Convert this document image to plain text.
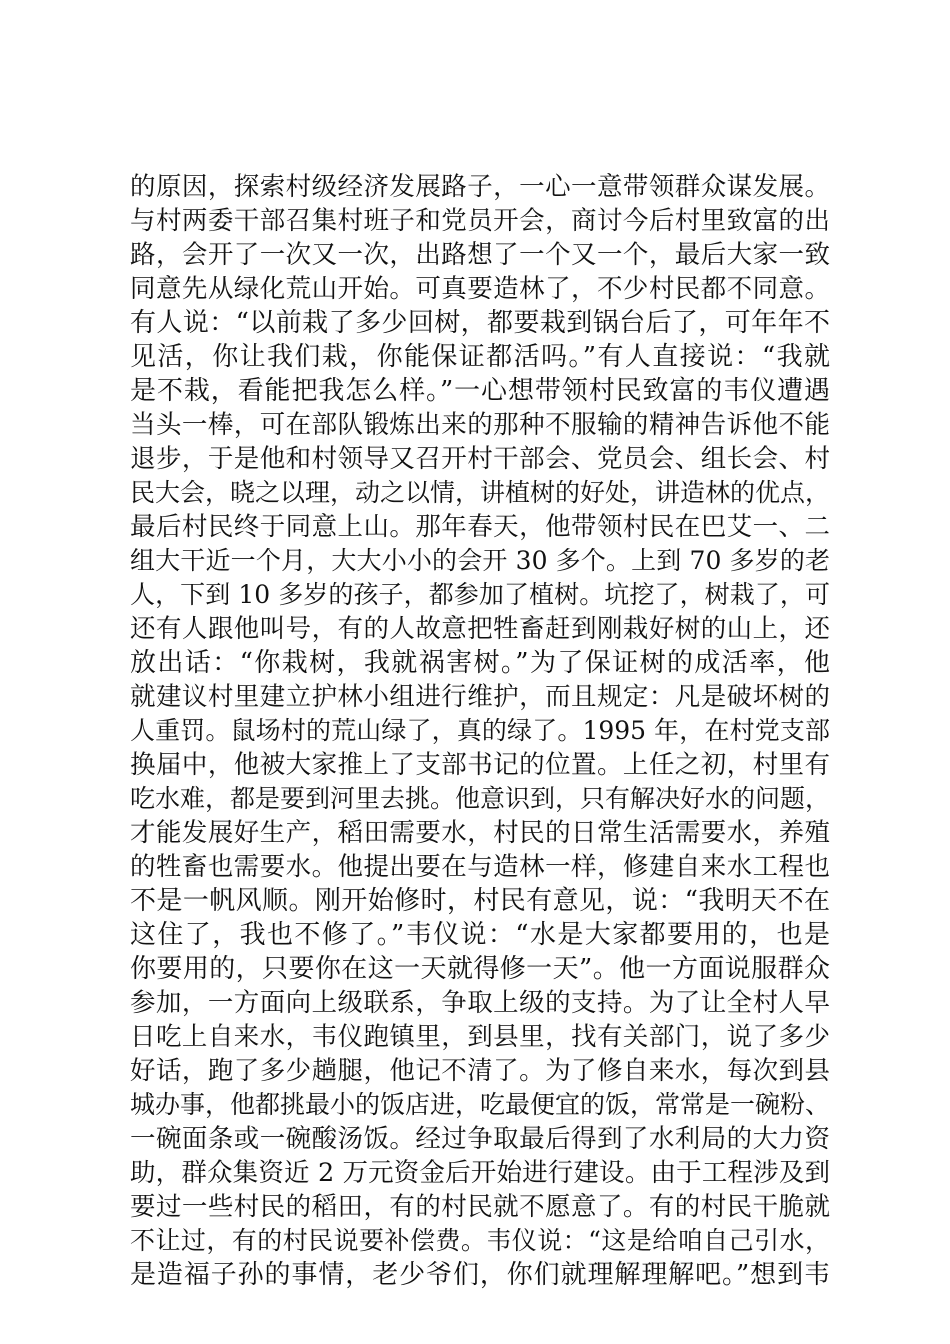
的原因，探索村级经济发展路子，一心一意带领群众谋发展。
与村两委干部召集村班子和党员开会，商讨今后村里致富的出
路，会开了一次又一次，出路想了一个又一个，最后大家一致
同意先从绿化荒山开始。可真要造林了，不少村民都不同意。
有人说：“以前栽了多少回树，都要栽到锅台后了，可年年不
见活，你让我们栽，你能保证都活吗。”有人直接说：“我就
是不栽，看能把我怎么样。”一心想带领村民致富的韦仪遭遇
当头一棒，可在部队锻炼出来的那种不服输的精神告诉他不能
退步，于是他和村领导又召开村干部会、党员会、组长会、村
民大会，晓之以理，动之以情，讲植树的好处，讲造林的优点，
最后村民终于同意上山。那年春天，他带领村民在巴艾一、二
组大干近一个月，大大小小的会开 30 多个。上到 70 多岁的老
人，下到 10 多岁的孩子，都参加了植树。坑挖了，树栽了，可
还有人跟他叫号，有的人故意把牲畜赶到刚栽好树的山上，还
放出话：“你栽树，我就祸害树。”为了保证树的成活率，他
就建议村里建立护林小组进行维护，而且规定：凡是破坏树的
人重罚。鼠场村的荒山绿了，真的绿了。1995 年，在村党支部
换届中，他被大家推上了支部书记的位置。上任之初，村里有
吃水难，都是要到河里去挑。他意识到，只有解决好水的问题，
才能发展好生产，稻田需要水，村民的日常生活需要水，养殖
的牲畜也需要水。他提出要在与造林一样，修建自来水工程也
不是一帆风顺。刚开始修时，村民有意见，说：“我明天不在
这住了，我也不修了。”韦仪说：“水是大家都要用的，也是
你要用的，只要你在这一天就得修一天”。他一方面说服群众
参加，一方面向上级联系，争取上级的支持。为了让全村人早
日吃上自来水，韦仪跑镇里，到县里，找有关部门，说了多少
好话，跑了多少趟腿，他记不清了。为了修自来水，每次到县
城办事，他都挑最小的饭店进，吃最便宜的饭，常常是一碗粉、
一碗面条或一碗酸汤饭。经过争取最后得到了水利局的大力资
助，群众集资近 2 万元资金后开始进行建设。由于工程涉及到
要过一些村民的稻田，有的村民就不愿意了。有的村民干脆就
不让过，有的村民说要补偿费。韦仪说：“这是给咱自己引水，
是造福子孙的事情，老少爷们，你们就理解理解吧。”想到韦
